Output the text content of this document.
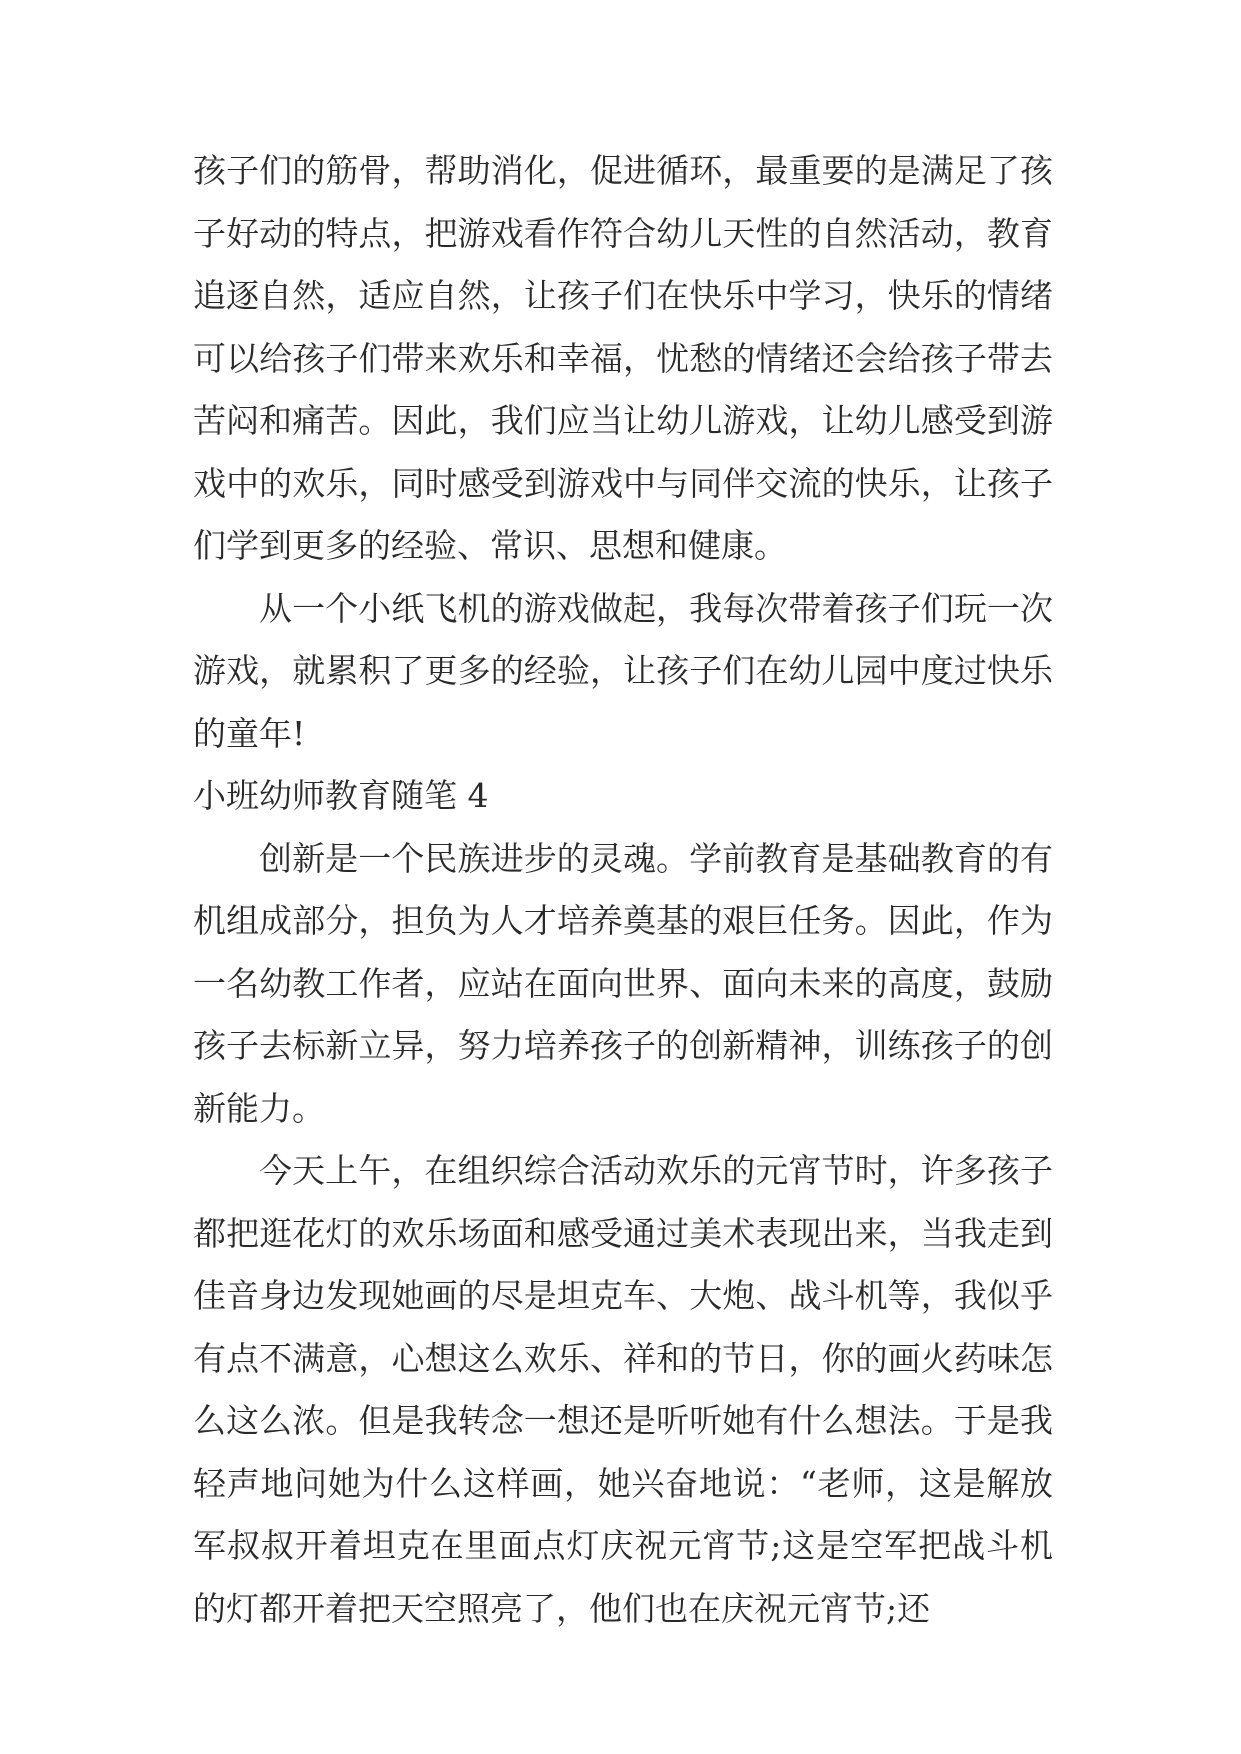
孩子们的筋骨，帮助消化，促进循环，最重要的是满足了孩子好动的特点，把游戏看作符合幼儿天性的自然活动，教育追逐自然，适应自然，让孩子们在快乐中学习，快乐的情绪可以给孩子们带来欢乐和幸福，忧愁的情绪还会给孩子带去苦闷和痛苦。因此，我们应当让幼儿游戏，让幼儿感受到游戏中的欢乐，同时感受到游戏中与同伴交流的快乐，让孩子们学到更多的经验、常识、思想和健康。

从一个小纸飞机的游戏做起，我每次带着孩子们玩一次游戏，就累积了更多的经验，让孩子们在幼儿园中度过快乐的童年!

小班幼师教育随笔 4

创新是一个民族进步的灵魂。学前教育是基础教育的有机组成部分，担负为人才培养奠基的艰巨任务。因此，作为一名幼教工作者，应站在面向世界、面向未来的高度，鼓励孩子去标新立异，努力培养孩子的创新精神，训练孩子的创新能力。

今天上午，在组织综合活动欢乐的元宵节时，许多孩子都把逛花灯的欢乐场面和感受通过美术表现出来，当我走到佳音身边发现她画的尽是坦克车、大炮、战斗机等，我似乎有点不满意，心想这么欢乐、祥和的节日，你的画火药味怎么这么浓。但是我转念一想还是听听她有什么想法。于是我轻声地问她为什么这样画，她兴奋地说：“老师，这是解放军叔叔开着坦克在里面点灯庆祝元宵节;这是空军把战斗机的灯都开着把天空照亮了，他们也在庆祝元宵节;还
